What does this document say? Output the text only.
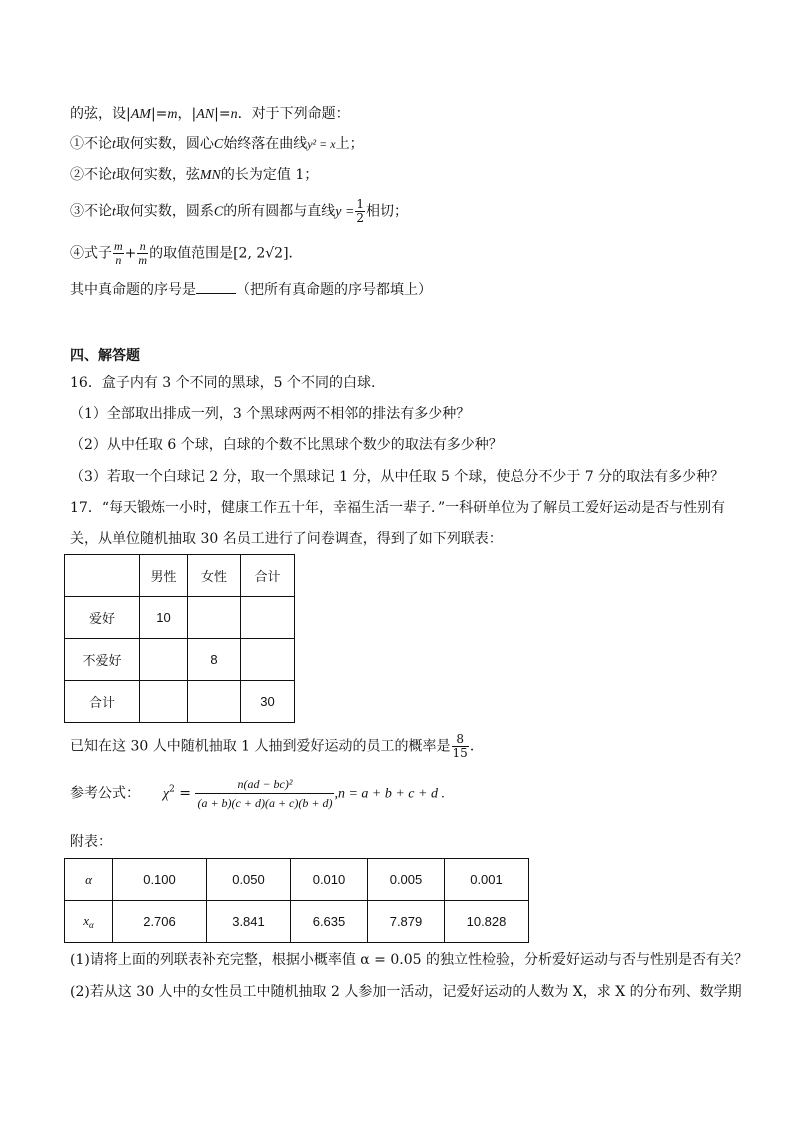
的弦，设|AM|=m，|AN|=n．对于下列命题：
①不论t取何实数，圆心C始终落在曲线y² = x上；
②不论t取何实数，弦MN的长为定值 1；
③不论t取何实数，圆系C的所有圆都与直线$y = \frac{1}{2}$ 相切；
④式子 $\frac{m}{n} + \frac{n}{m}$ 的取值范围是[2, 2√2]．
其中真命题的序号是	（把所有真命题的序号都填上）
四、解答题
16．盒子内有 3 个不同的黑球，5 个不同的白球.
（1）全部取出排成一列，3 个黑球两两不相邻的排法有多少种？
（2）从中任取 6 个球，白球的个数不比黑球个数少的取法有多少种？
（3）若取一个白球记 2 分，取一个黑球记 1 分，从中任取 5 个球，使总分不少于 7 分的取法有多少种？
17．“每天锻炼一小时，健康工作五十年，幸福生活一辈子．”一科研单位为了解员工爱好运动是否与性别有
关，从单位随机抽取 30 名员工进行了问卷调查，得到了如下列联表：
	男性	女性	合计
爱好	10		
不爱好		8	
合计			30
已知在这 30 人中随机抽取 1 人抽到爱好运动的员工的概率是 $\frac{8}{15}$ ．
参考公式： $\chi^2 = \frac{\text{n(ad − bc)²}}{(a + b)(c + d)(a + c)(b + d)} ,n = a + b + c + d$ .
附表：
α	0.100	0.050	0.010	0.005	0.001
$x_\alpha$	2.706	3.841	6.635	7.879	10.828
(1)请将上面的列联表补充完整，根据小概率值 α = 0.05 的独立性检验，分析爱好运动与否与性别是否有关？
(2)若从这 30 人中的女性员工中随机抽取 2 人参加一活动，记爱好运动的人数为 X，求 X 的分布列、数学期
